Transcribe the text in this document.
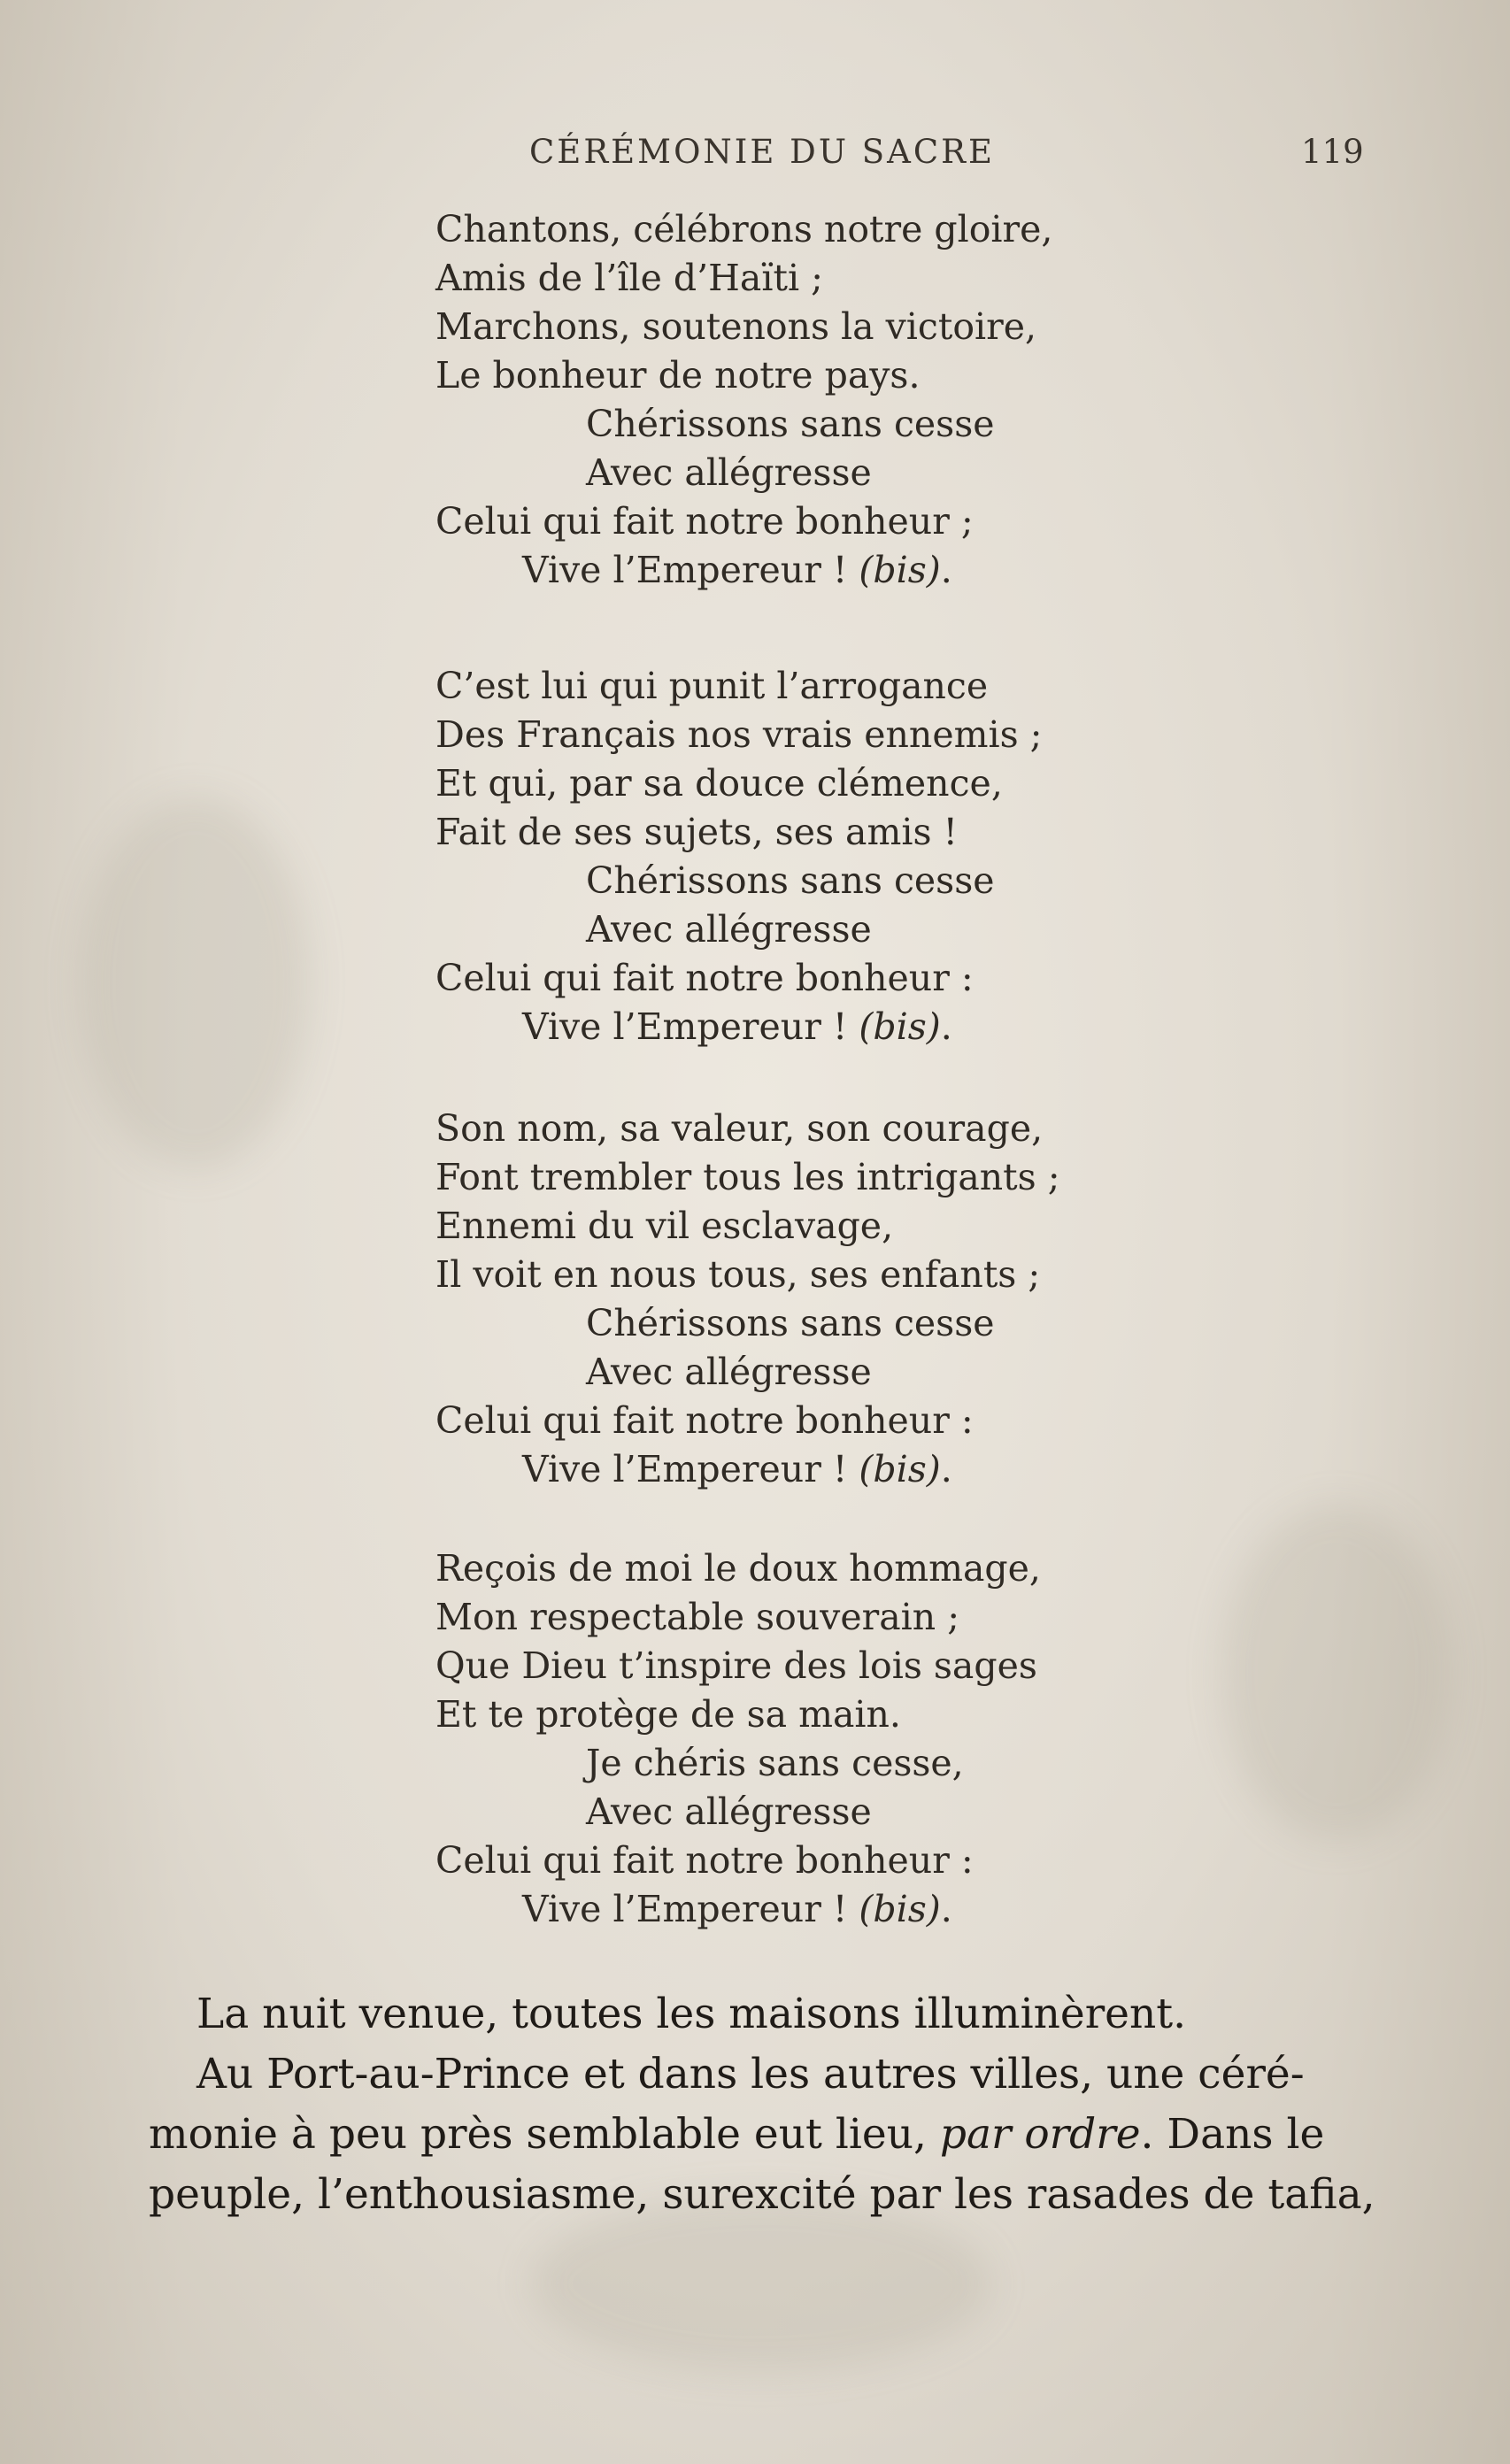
CÉRÉMONIE DU SACRE	119
Chantons, célébrons notre gloire,
Amis de l’île d’Haïti ;
Marchons, soutenons la victoire,
Le bonheur de notre pays.
Chérissons sans cesse
Avec allégresse
Celui qui fait notre bonheur ;
Vive l’Empereur ! (bis).
C’est lui qui punit l’arrogance
Des Français nos vrais ennemis ;
Et qui, par sa douce clémence,
Fait de ses sujets, ses amis !
Chérissons sans cesse
Avec allégresse
Celui qui fait notre bonheur :
Vive l’Empereur ! (bis).
Son nom, sa valeur, son courage,
Font trembler tous les intrigants ;
Ennemi du vil esclavage,
Il voit en nous tous, ses enfants ;
Chérissons sans cesse
Avec allégresse
Celui qui fait notre bonheur :
Vive l’Empereur ! (bis).
Reçois de moi le doux hommage,
Mon respectable souverain ;
Que Dieu t’inspire des lois sages
Et te protège de sa main.
Je chéris sans cesse,
Avec allégresse
Celui qui fait notre bonheur :
Vive l’Empereur ! (bis).
La nuit venue, toutes les maisons illuminèrent.
Au Port-au-Prince et dans les autres villes, une céré-
monie à peu près semblable eut lieu, par ordre. Dans le
peuple, l’enthousiasme, surexcité par les rasades de tafia,
